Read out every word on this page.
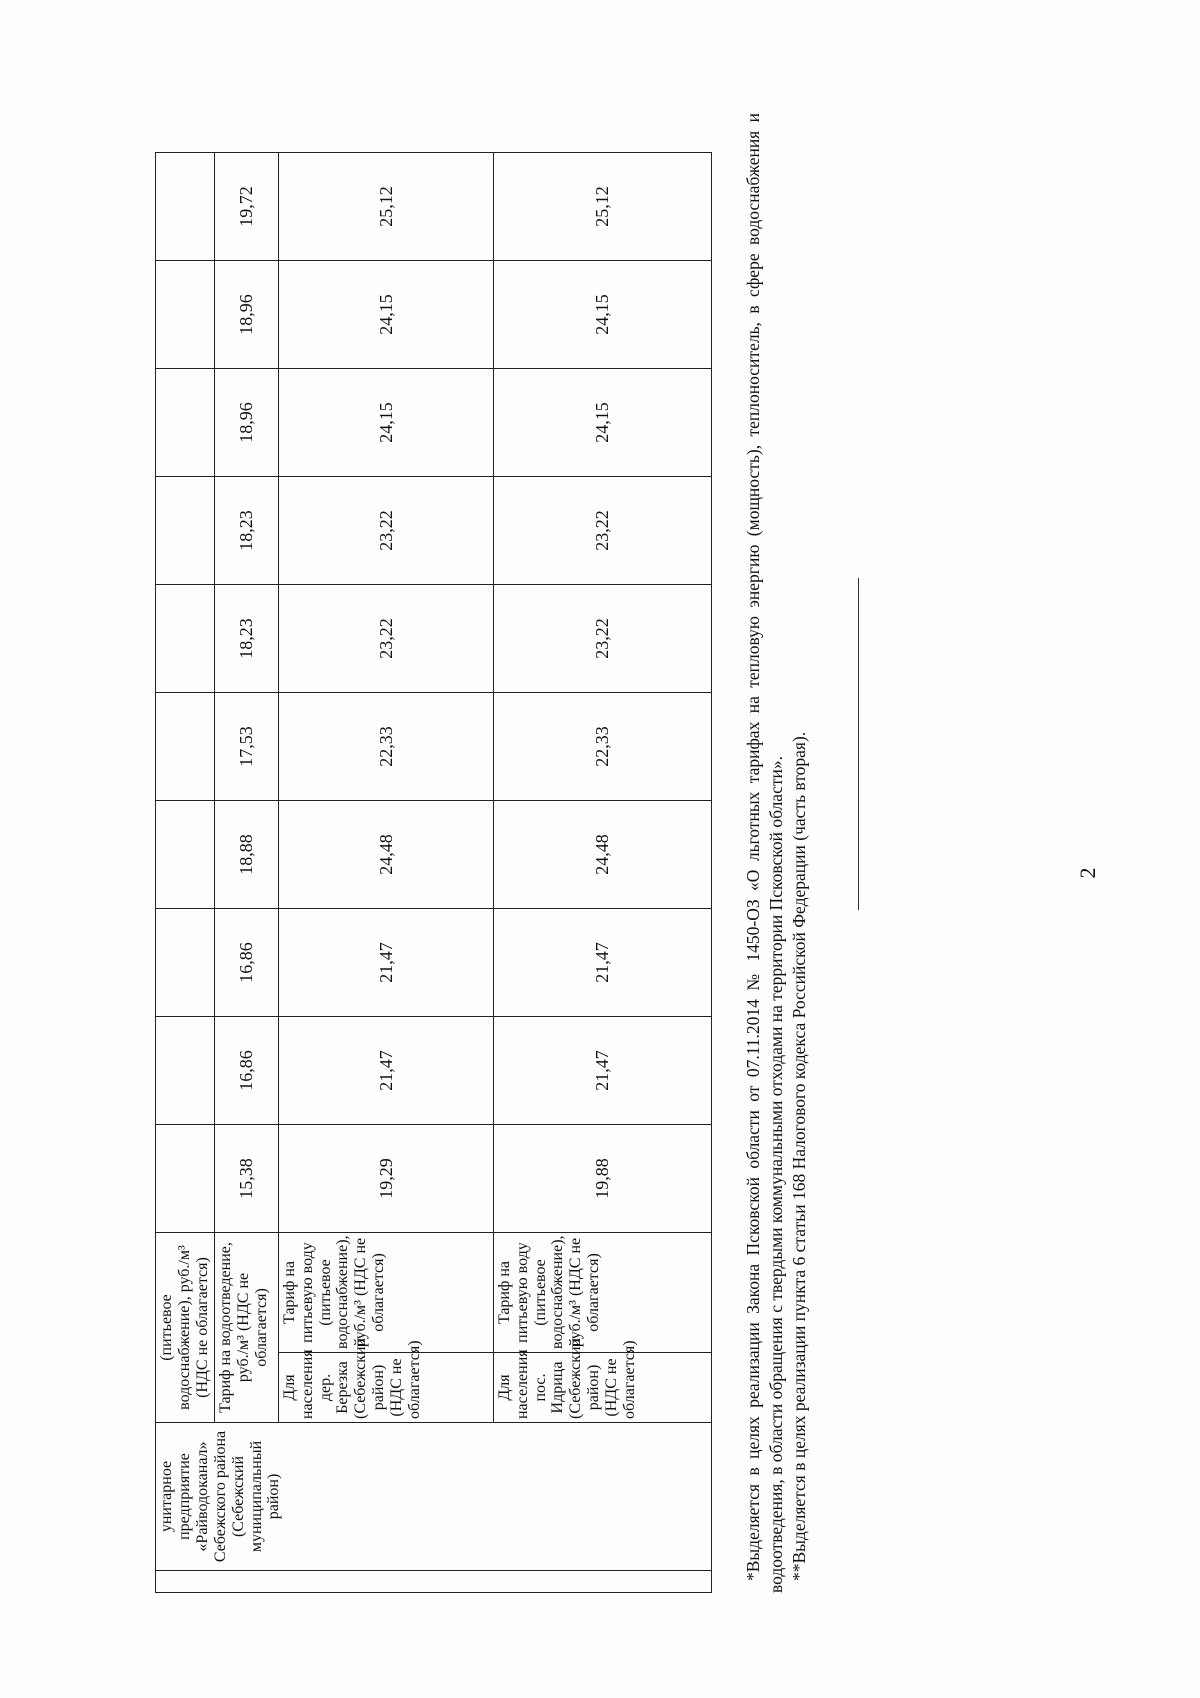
2
	унитарное предприятие «Райводоканал» Себежского района (Себежский муниципальный район)	(питьевое водоснабжение), руб./м³ (НДС не облагается)											
		Тариф на водоотведение, руб./м³ (НДС не облагается)		15,38	16,86	16,86	18,88	17,53	18,23	18,23	18,96	18,96	19,72
		Для населения дер. Березка (Себежский район) (НДС не облагается)	Тариф на питьевую воду (питьевое водоснабжение), руб./м³ (НДС не облагается)	19,29	21,47	21,47	24,48	22,33	23,22	23,22	24,15	24,15	25,12
		Для населения пос. Идрица (Себежский район) (НДС не облагается)	Тариф на питьевую воду (питьевое водоснабжение), руб./м³ (НДС не облагается)	19,88	21,47	21,47	24,48	22,33	23,22	23,22	24,15	24,15	25,12	*Выделяется в целях реализации Закона Псковской области от 07.11.2014 № 1450-ОЗ «О льготных тарифах на тепловую энергию (мощность), теплоноситель, в сфере водоснабжения и водоотведения, в области обращения с твердыми коммунальными отходами на территории Псковской области». **Выделяется в целях реализации пункта 6 статьи 168 Налогового кодекса Российской Федерации (часть вторая).
